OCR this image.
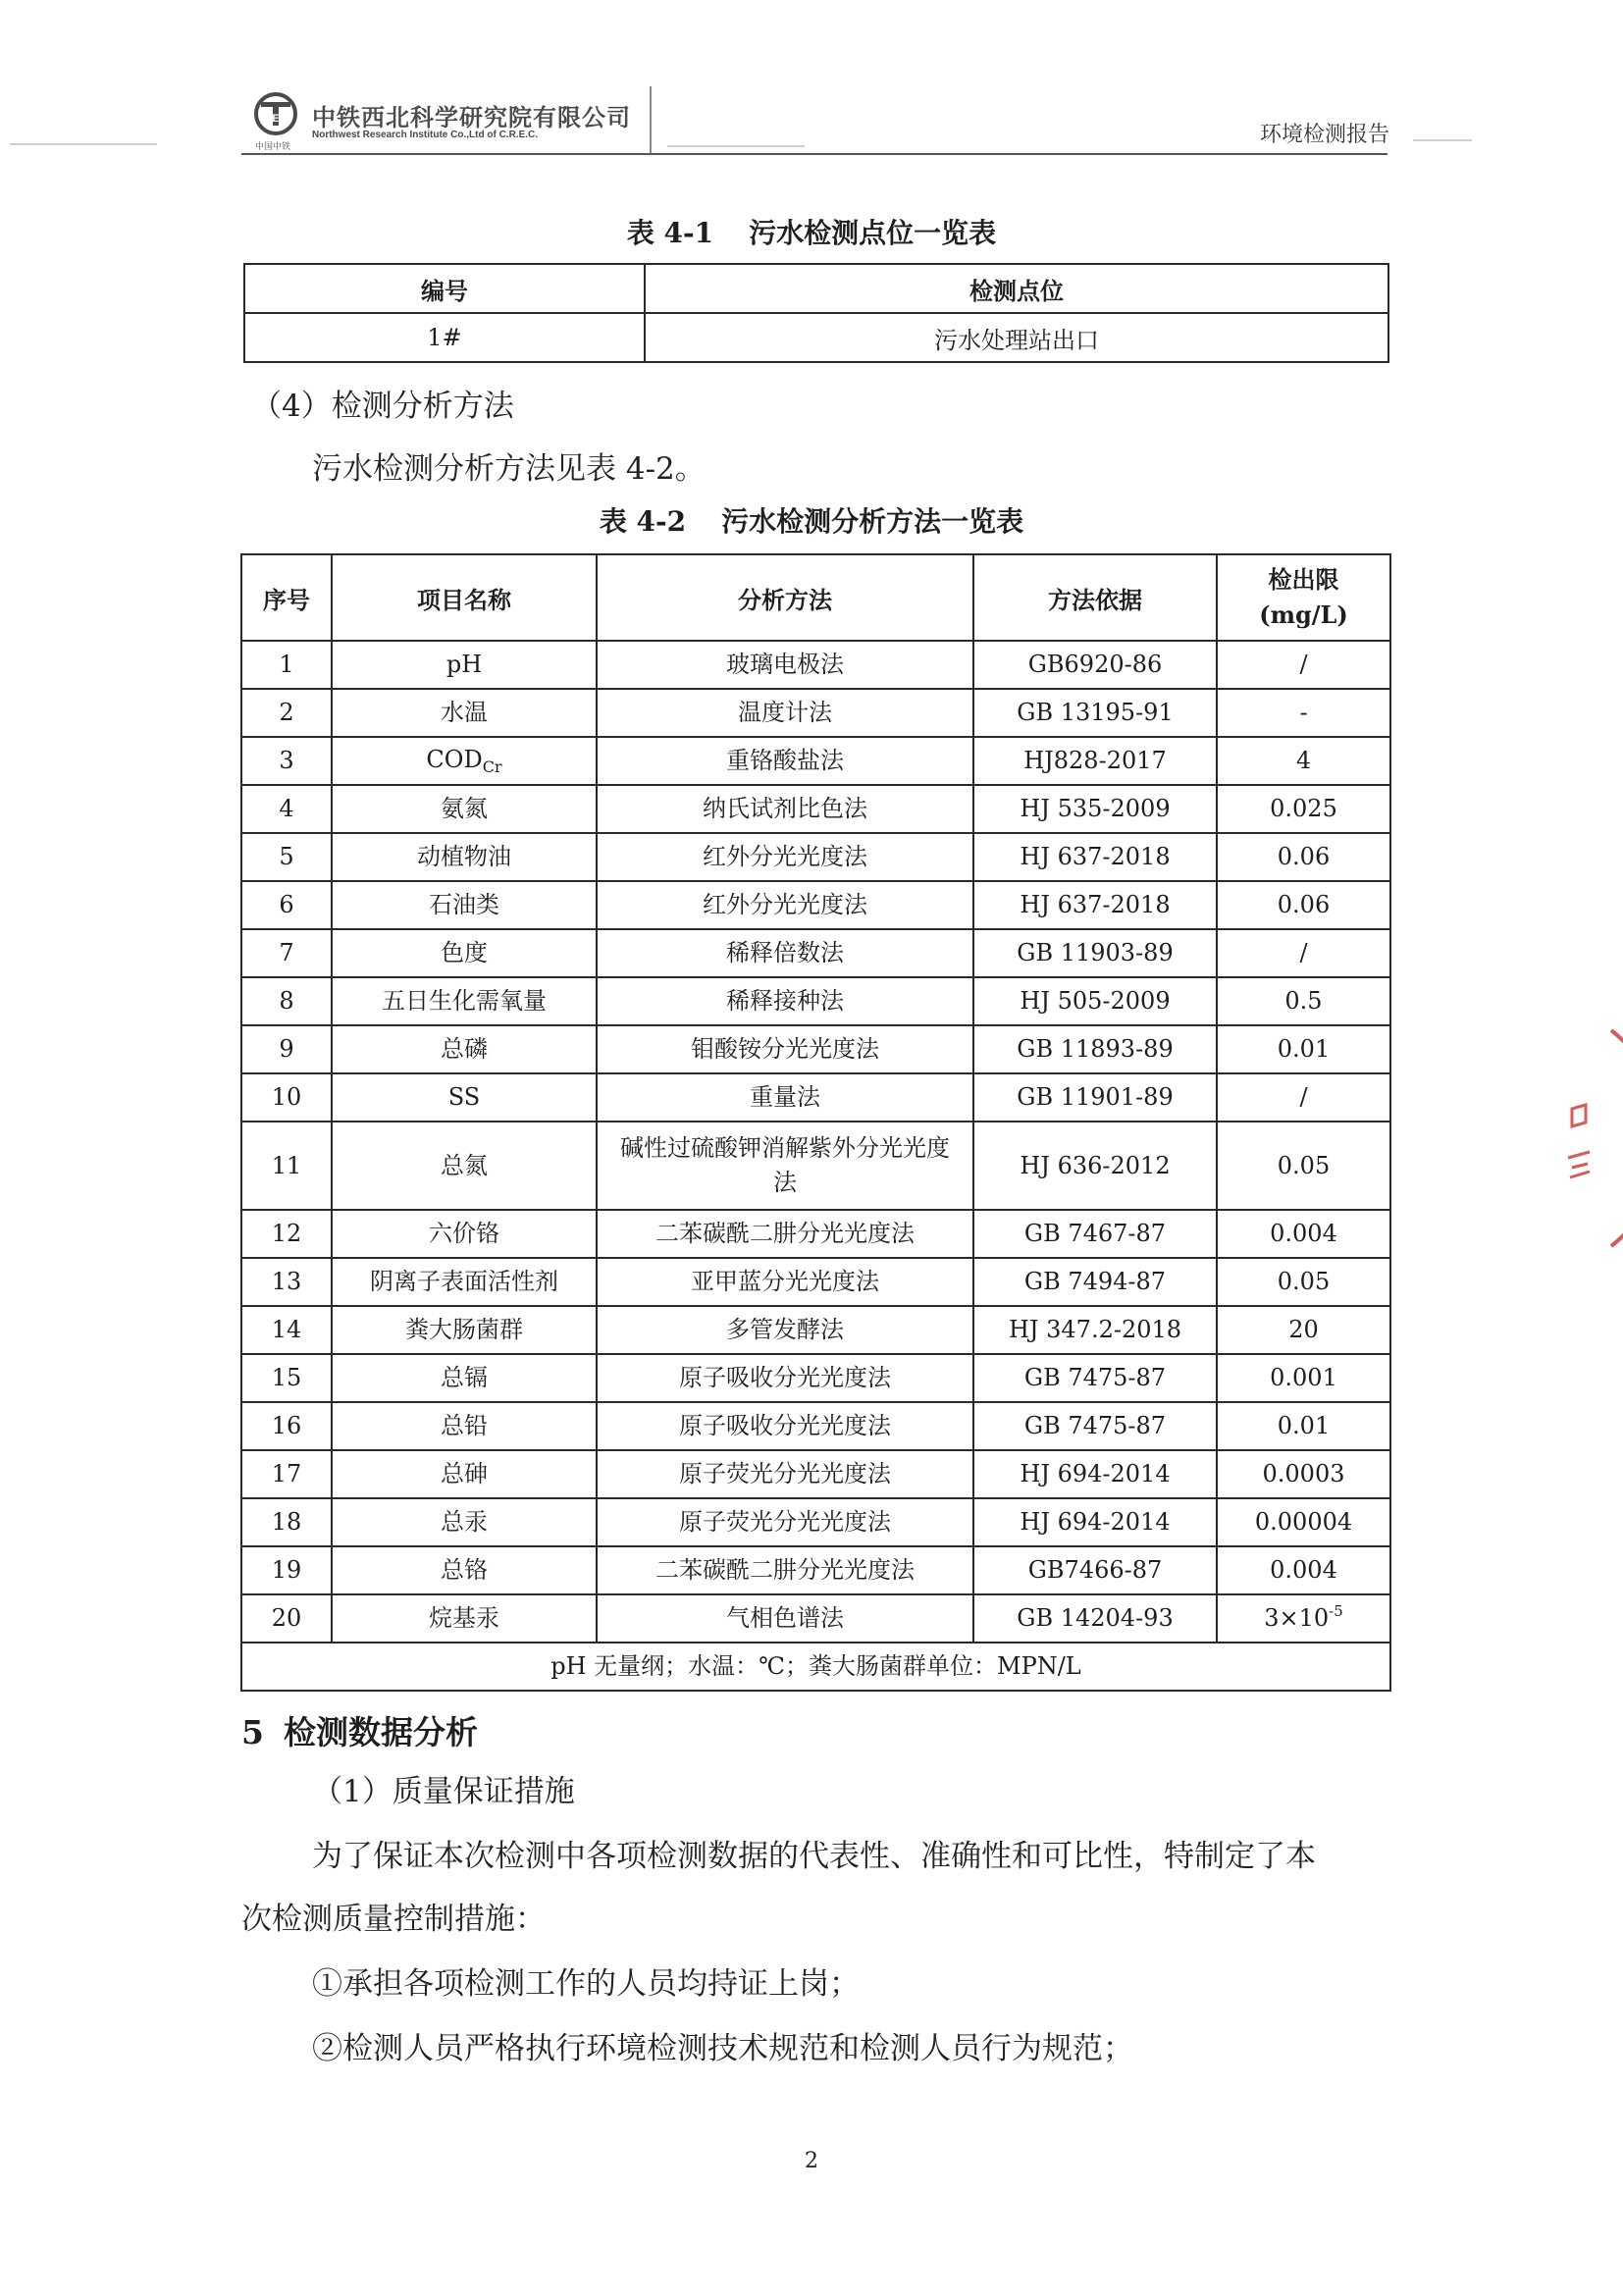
REC
中国中铁
中铁西北科学研究院有限公司
Northwest Research Institute Co.,Ltd of C.R.E.C.	环境检测报告
表 4-1 污水检测点位一览表
编号	检测点位
1#	污水处理站出口
（4）检测分析方法
污水检测分析方法见表 4-2。
表 4-2 污水检测分析方法一览表
序号	项目名称	分析方法	方法依据	检出限
(mg/L)
1	pH	玻璃电极法	GB6920-86	/
2	水温	温度计法	GB 13195-91	-
3	$COD_{Cr}$	重铬酸盐法	HJ828-2017	4
4	氨氮	纳氏试剂比色法	HJ 535-2009	0.025
5	动植物油	红外分光光度法	HJ 637-2018	0.06
6	石油类	红外分光光度法	HJ 637-2018	0.06
7	色度	稀释倍数法	GB 11903-89	/
8	五日生化需氧量	稀释接种法	HJ 505-2009	0.5
9	总磷	钼酸铵分光光度法	GB 11893-89	0.01
10	SS	重量法	GB 11901-89	/
11	总氮	碱性过硫酸钾消解紫外分光光度法	HJ 636-2012	0.05
12	六价铬	二苯碳酰二肼分光光度法	GB 7467-87	0.004
13	阴离子表面活性剂	亚甲蓝分光光度法	GB 7494-87	0.05
14	粪大肠菌群	多管发酵法	HJ 347.2-2018	20
15	总镉	原子吸收分光光度法	GB 7475-87	0.001
16	总铅	原子吸收分光光度法	GB 7475-87	0.01
17	总砷	原子荧光分光光度法	HJ 694-2014	0.0003
18	总汞	原子荧光分光光度法	HJ 694-2014	0.00004
19	总铬	二苯碳酰二肼分光光度法	GB7466-87	0.004
20	烷基汞	气相色谱法	GB 14204-93	$3\times 10^{-5}$
pH 无量纲；水温：℃；粪大肠菌群单位：MPN/L				
5 检测数据分析
（1）质量保证措施
为了保证本次检测中各项检测数据的代表性、准确性和可比性，特制定了本
次检测质量控制措施：
①承担各项检测工作的人员均持证上岗；
②检测人员严格执行环境检测技术规范和检测人员行为规范；
2
